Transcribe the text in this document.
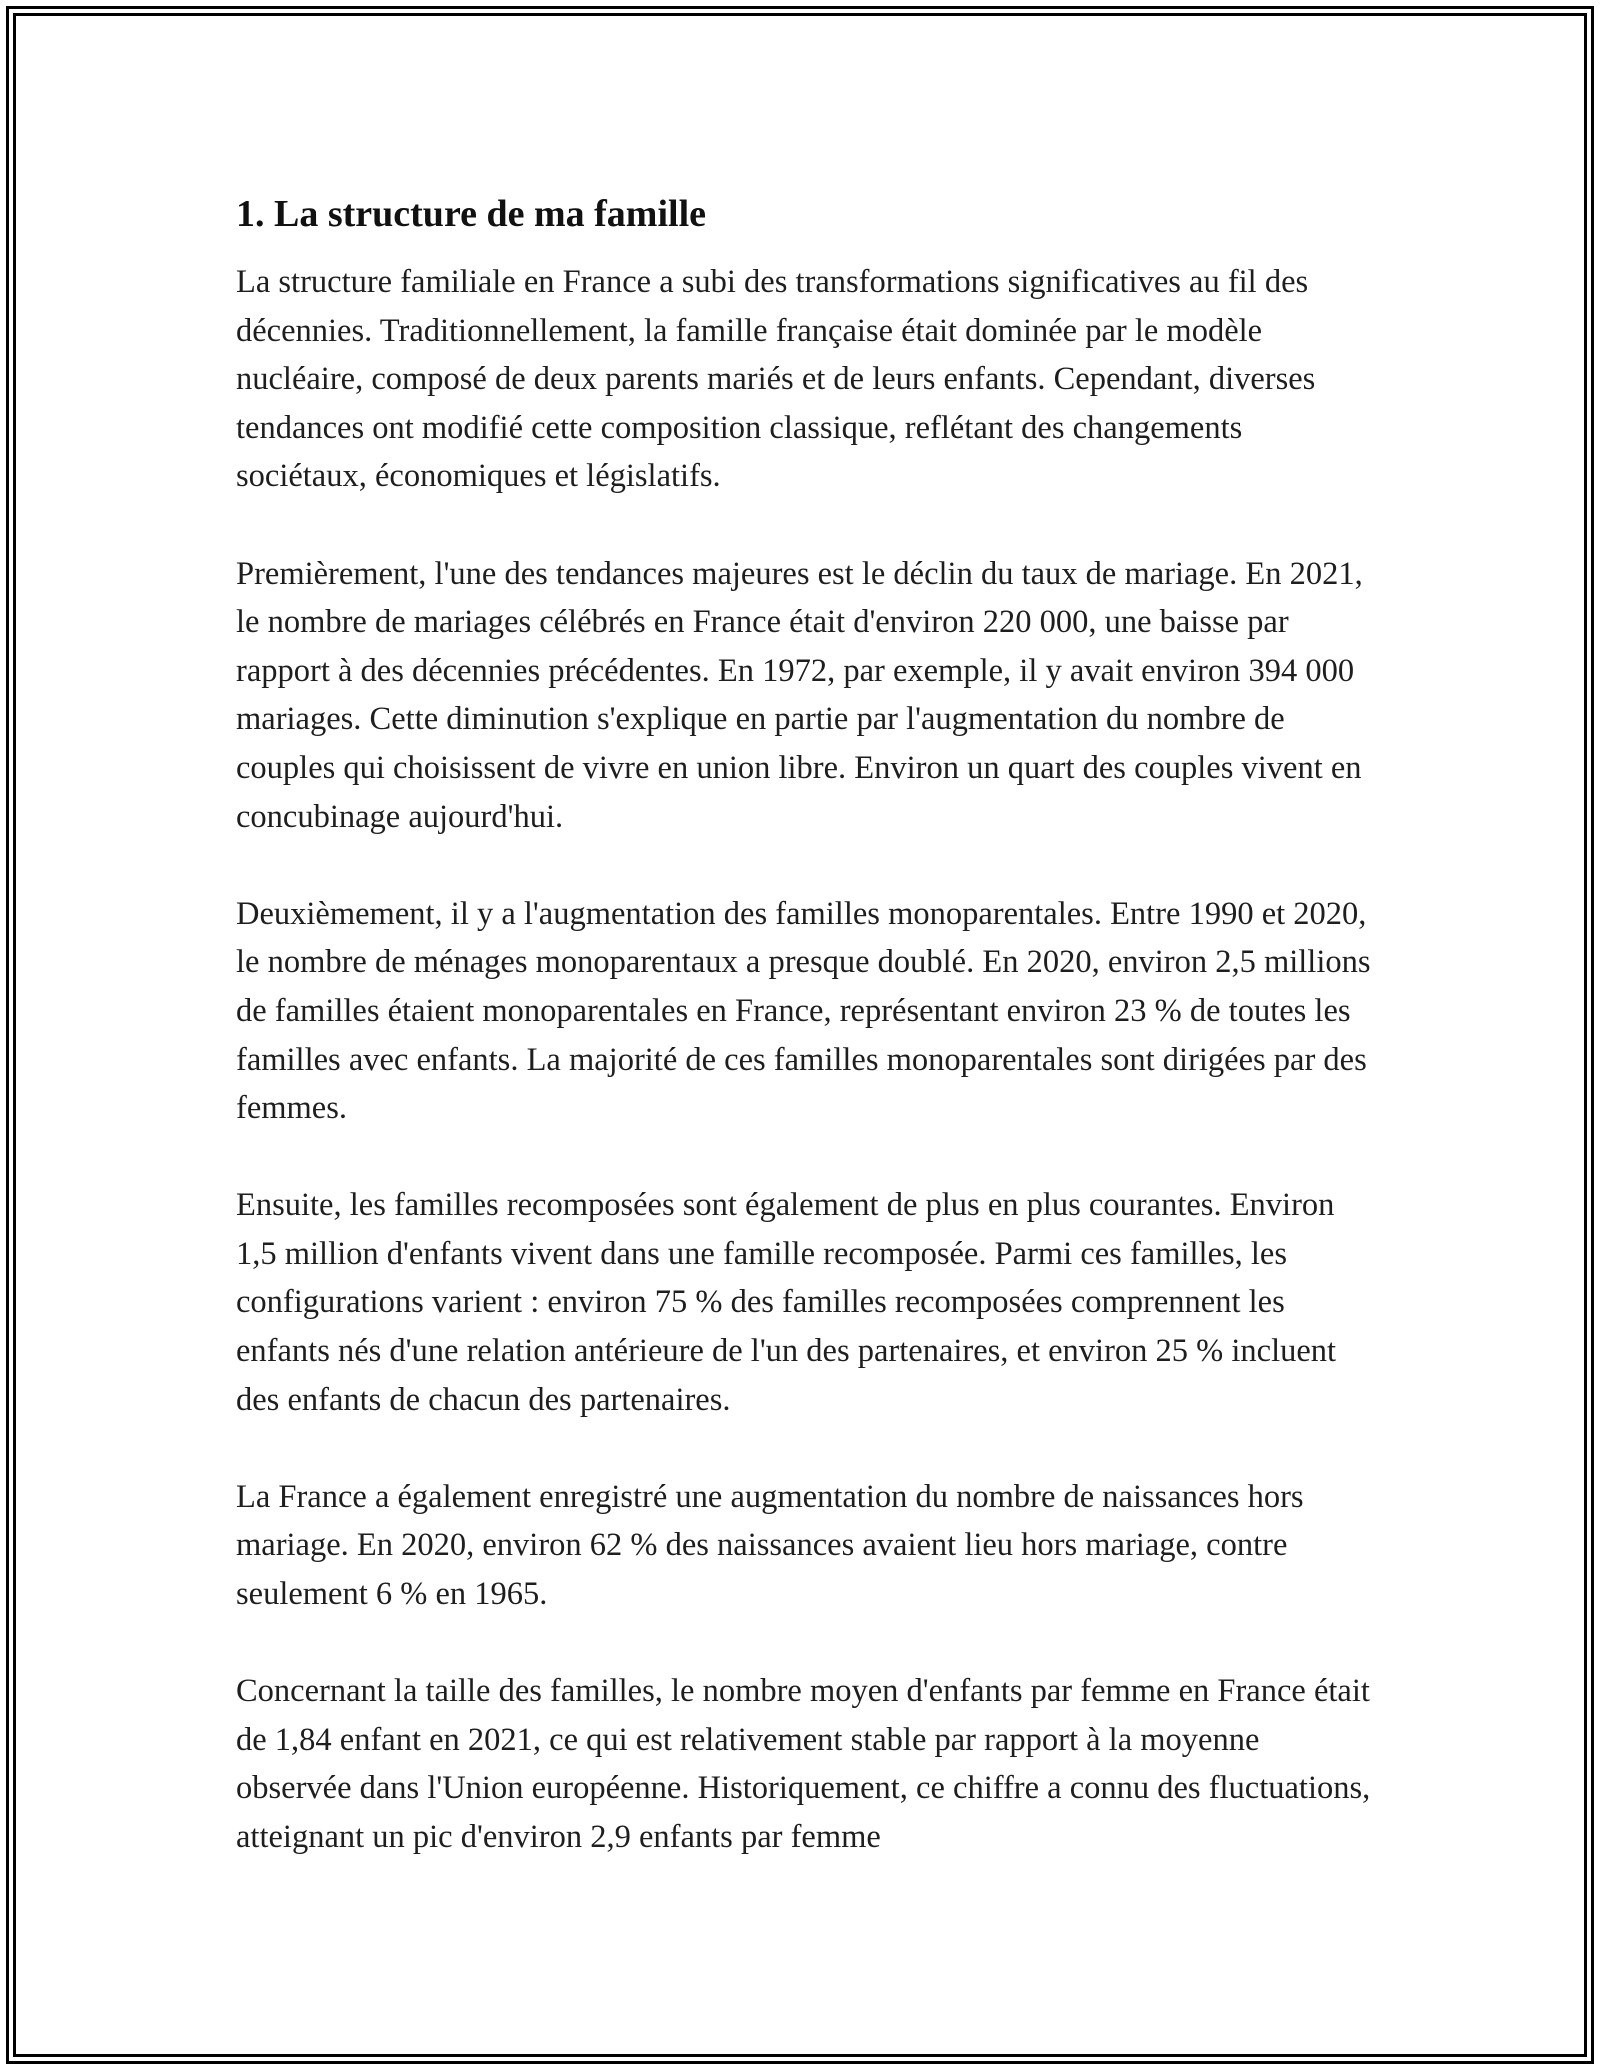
1. La structure de ma famille

La structure familiale en France a subi des transformations significatives au fil des décennies. Traditionnellement, la famille française était dominée par le modèle nucléaire, composé de deux parents mariés et de leurs enfants. Cependant, diverses tendances ont modifié cette composition classique, reflétant des changements sociétaux, économiques et législatifs.

Premièrement, l'une des tendances majeures est le déclin du taux de mariage. En 2021, le nombre de mariages célébrés en France était d'environ 220 000, une baisse par rapport à des décennies précédentes. En 1972, par exemple, il y avait environ 394 000 mariages. Cette diminution s'explique en partie par l'augmentation du nombre de couples qui choisissent de vivre en union libre. Environ un quart des couples vivent en concubinage aujourd'hui.

Deuxièmement, il y a l'augmentation des familles monoparentales. Entre 1990 et 2020, le nombre de ménages monoparentaux a presque doublé. En 2020, environ 2,5 millions de familles étaient monoparentales en France, représentant environ 23 % de toutes les familles avec enfants. La majorité de ces familles monoparentales sont dirigées par des femmes.

Ensuite, les familles recomposées sont également de plus en plus courantes. Environ 1,5 million d'enfants vivent dans une famille recomposée. Parmi ces familles, les configurations varient : environ 75 % des familles recomposées comprennent les enfants nés d'une relation antérieure de l'un des partenaires, et environ 25 % incluent des enfants de chacun des partenaires.

La France a également enregistré une augmentation du nombre de naissances hors mariage. En 2020, environ 62 % des naissances avaient lieu hors mariage, contre seulement 6 % en 1965.

Concernant la taille des familles, le nombre moyen d'enfants par femme en France était de 1,84 enfant en 2021, ce qui est relativement stable par rapport à la moyenne observée dans l'Union européenne. Historiquement, ce chiffre a connu des fluctuations, atteignant un pic d'environ 2,9 enfants par femme
